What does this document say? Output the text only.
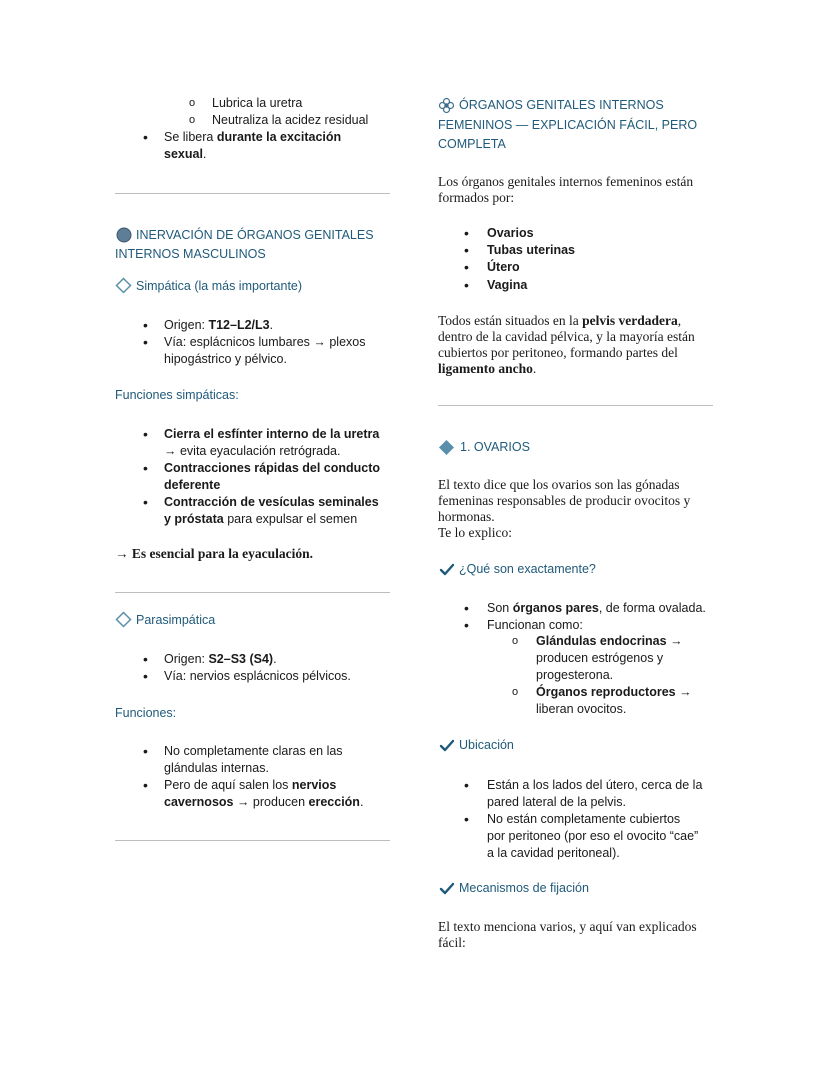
o Lubrica la uretra
o Neutraliza la acidez residual
• Se libera durante la excitación
sexual.
INERVACIÓN DE ÓRGANOS GENITALES
INTERNOS MASCULINOS
Simpática (la más importante)
• Origen: T12–L2/L3.
• Vía: esplácnicos lumbares → plexos
hipogástrico y pélvico.
Funciones simpáticas:
• Cierra el esfínter interno de la uretra
→ evita eyaculación retrógrada.
• Contracciones rápidas del conducto
deferente
• Contracción de vesículas seminales
y próstata para expulsar el semen
→ Es esencial para la eyaculación.
Parasimpática
• Origen: S2–S3 (S4).
• Vía: nervios esplácnicos pélvicos.
Funciones:
• No completamente claras en las
glándulas internas.
• Pero de aquí salen los nervios
cavernosos → producen erección.
ÓRGANOS GENITALES INTERNOS
FEMENINOS — EXPLICACIÓN FÁCIL, PERO
COMPLETA
Los órganos genitales internos femeninos están
formados por:
• Ovarios
• Tubas uterinas
• Útero
• Vagina
Todos están situados en la pelvis verdadera,
dentro de la cavidad pélvica, y la mayoría están
cubiertos por peritoneo, formando partes del
ligamento ancho.
1. OVARIOS
El texto dice que los ovarios son las gónadas
femeninas responsables de producir ovocitos y
hormonas.
Te lo explico:
¿Qué son exactamente?
• Son órganos pares, de forma ovalada.
• Funcionan como:
o Glándulas endocrinas →
producen estrógenos y
progesterona.
o Órganos reproductores →
liberan ovocitos.
Ubicación
• Están a los lados del útero, cerca de la
pared lateral de la pelvis.
• No están completamente cubiertos
por peritoneo (por eso el ovocito “cae”
a la cavidad peritoneal).
Mecanismos de fijación
El texto menciona varios, y aquí van explicados
fácil:
